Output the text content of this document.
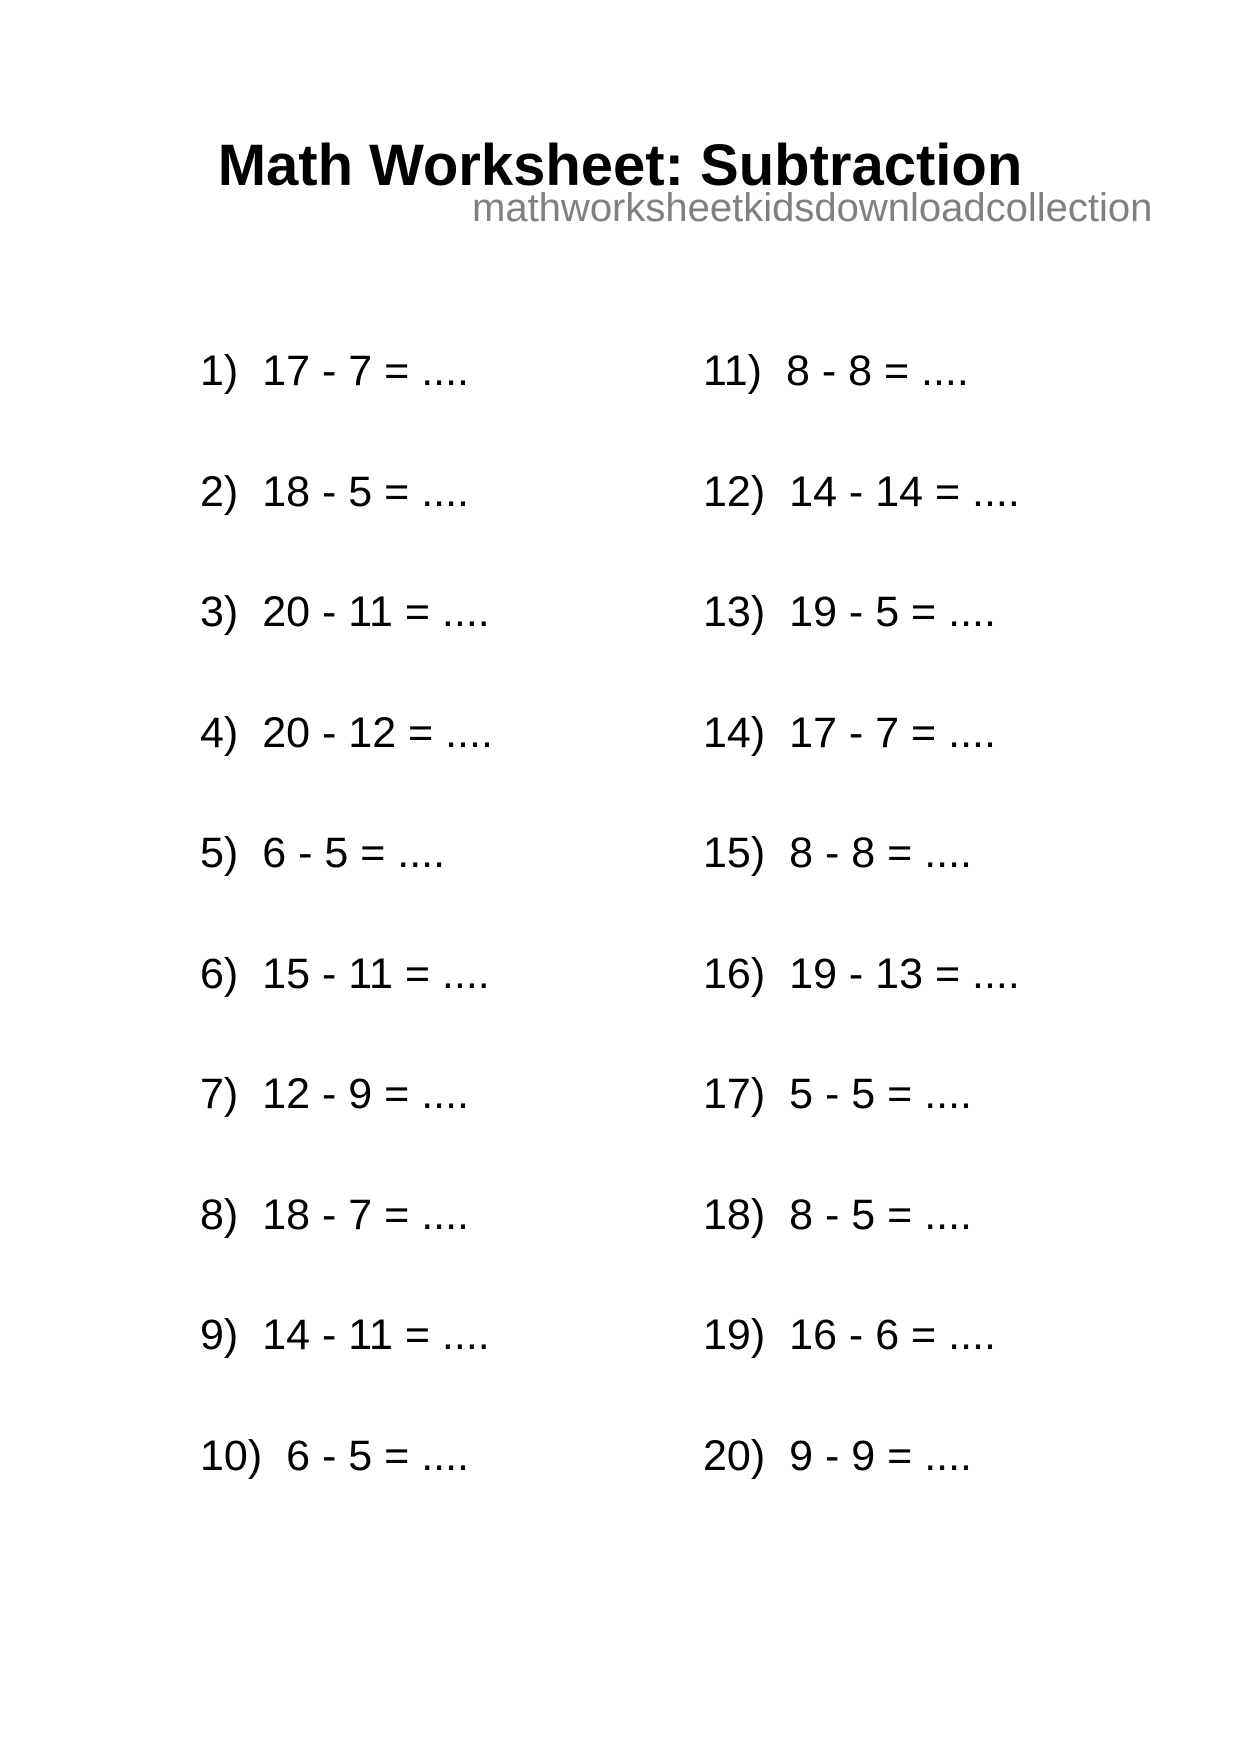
Math Worksheet: Subtraction
mathworksheetkidsdownloadcollection
1) 17 - 7 = ....
2) 18 - 5 = ....
3) 20 - 11 = ....
4) 20 - 12 = ....
5) 6 - 5 = ....
6) 15 - 11 = ....
7) 12 - 9 = ....
8) 18 - 7 = ....
9) 14 - 11 = ....
10) 6 - 5 = ....
11) 8 - 8 = ....
12) 14 - 14 = ....
13) 19 - 5 = ....
14) 17 - 7 = ....
15) 8 - 8 = ....
16) 19 - 13 = ....
17) 5 - 5 = ....
18) 8 - 5 = ....
19) 16 - 6 = ....
20) 9 - 9 = ....
